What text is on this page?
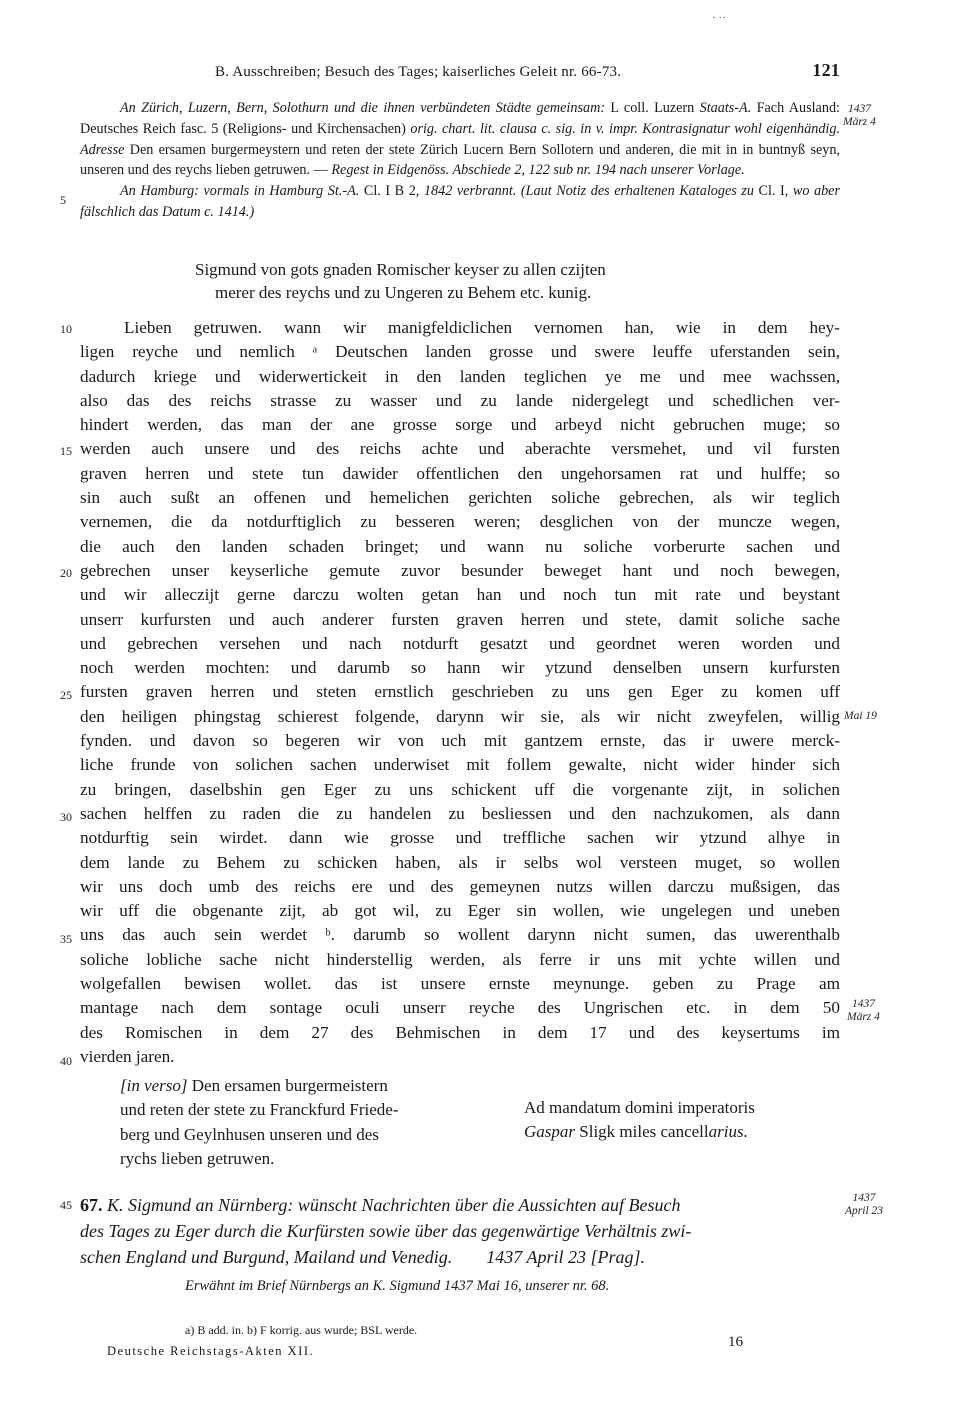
· ··
B. Ausschreiben; Besuch des Tages; kaiserliches Geleit nr. 66-73.	121

An Zürich, Luzern, Bern, Solothurn und die ihnen verbündeten Städte gemeinsam: L coll. Luzern Staats-A. Fach Ausland: Deutsches Reich fasc. 5 (Religions- und Kirchensachen) orig. chart. lit. clausa c. sig. in v. impr. Kontrasignatur wohl eigenhändig. Adresse Den ersamen burgermeystern und reten der stete Zürich Lucern Bern Sollotern und anderen, die mit in in buntnyß seyn, unseren und des reychs lieben getruwen. — Regest in Eidgenöss. Abschiede 2, 122 sub nr. 194 nach unserer Vorlage.

An Hamburg: vormals in Hamburg St.-A. Cl. I B 2, 1842 verbrannt. (Laut Notiz des erhaltenen Kataloges zu Cl. I, wo aber fälschlich das Datum c. 1414.)

1437
März 4
Mai 19
1437
März 4
1437
April 23
5
10
15
20
25
30
35
40
45
Sigmund von gots gnaden Romischer keyser zu allen czijten
merer des reychs und zu Ungeren zu Behem etc. kunig.
Lieben getruwen. wann wir manigfeldiclichen vernomen han, wie in dem hey-
ligen reyche und nemlich ᵃ Deutschen landen grosse und swere leuffe uferstanden sein,
dadurch kriege und widerwertickeit in den landen teglichen ye me und mee wachssen,
also das des reichs strasse zu wasser und zu lande nidergelegt und schedlichen ver-
hindert werden, das man der ane grosse sorge und arbeyd nicht gebruchen muge; so
werden auch unsere und des reichs achte und aberachte versmehet, und vil fursten
graven herren und stete tun dawider offentlichen den ungehorsamen rat und hulffe; so
sin auch sußt an offenen und hemelichen gerichten soliche gebrechen, als wir teglich
vernemen, die da notdurftiglich zu besseren weren; desglichen von der muncze wegen,
die auch den landen schaden bringet; und wann nu soliche vorberurte sachen und
gebrechen unser keyserliche gemute zuvor besunder beweget hant und noch bewegen,
und wir alleczijt gerne darczu wolten getan han und noch tun mit rate und beystant
unserr kurfursten und auch anderer fursten graven herren und stete, damit soliche sache
und gebrechen versehen und nach notdurft gesatzt und geordnet weren worden und
noch werden mochten: und darumb so hann wir ytzund denselben unsern kurfursten
fursten graven herren und steten ernstlich geschrieben zu uns gen Eger zu komen uff
den heiligen phingstag schierest folgende, darynn wir sie, als wir nicht zweyfelen, willig
fynden. und davon so begeren wir von uch mit gantzem ernste, das ir uwere merck-
liche frunde von solichen sachen underwiset mit follem gewalte, nicht wider hinder sich
zu bringen, daselbshin gen Eger zu uns schickent uff die vorgenante zijt, in solichen
sachen helffen zu raden die zu handelen zu besliessen und den nachzukomen, als dann
notdurftig sein wirdet. dann wie grosse und treffliche sachen wir ytzund alhye in
dem lande zu Behem zu schicken haben, als ir selbs wol versteen muget, so wollen
wir uns doch umb des reichs ere und des gemeynen nutzs willen darczu mußsigen, das
wir uff die obgenante zijt, ab got wil, zu Eger sin wollen, wie ungelegen und uneben
uns das auch sein werdet ᵇ. darumb so wollent darynn nicht sumen, das uwerenthalb
soliche lobliche sache nicht hinderstellig werden, als ferre ir uns mit ychte willen und
wolgefallen bewisen wollet. das ist unsere ernste meynunge. geben zu Prage am
mantage nach dem sontage oculi unserr reyche des Ungrischen etc. in dem 50
des Romischen in dem 27 des Behmischen in dem 17 und des keysertums im
vierden jaren.
[in verso] Den ersamen burgermeistern
und reten der stete zu Franckfurd Friede-
berg und Geylnhusen unseren und des
rychs lieben getruwen.
Ad mandatum domini imperatoris
Gaspar Sligk miles cancellarius.
67. K. Sigmund an Nürnberg: wünscht Nachrichten über die Aussichten auf Besuch
des Tages zu Eger durch die Kurfürsten sowie über das gegenwärtige Verhältnis zwi-
schen England und Burgund, Mailand und Venedig. 1437 April 23 [Prag].
Erwähnt im Brief Nürnbergs an K. Sigmund 1437 Mai 16, unserer nr. 68.
a) B add. in. b) F korrig. aus wurde; BSL werde.
Deutsche Reichstags-Akten XII.
16
